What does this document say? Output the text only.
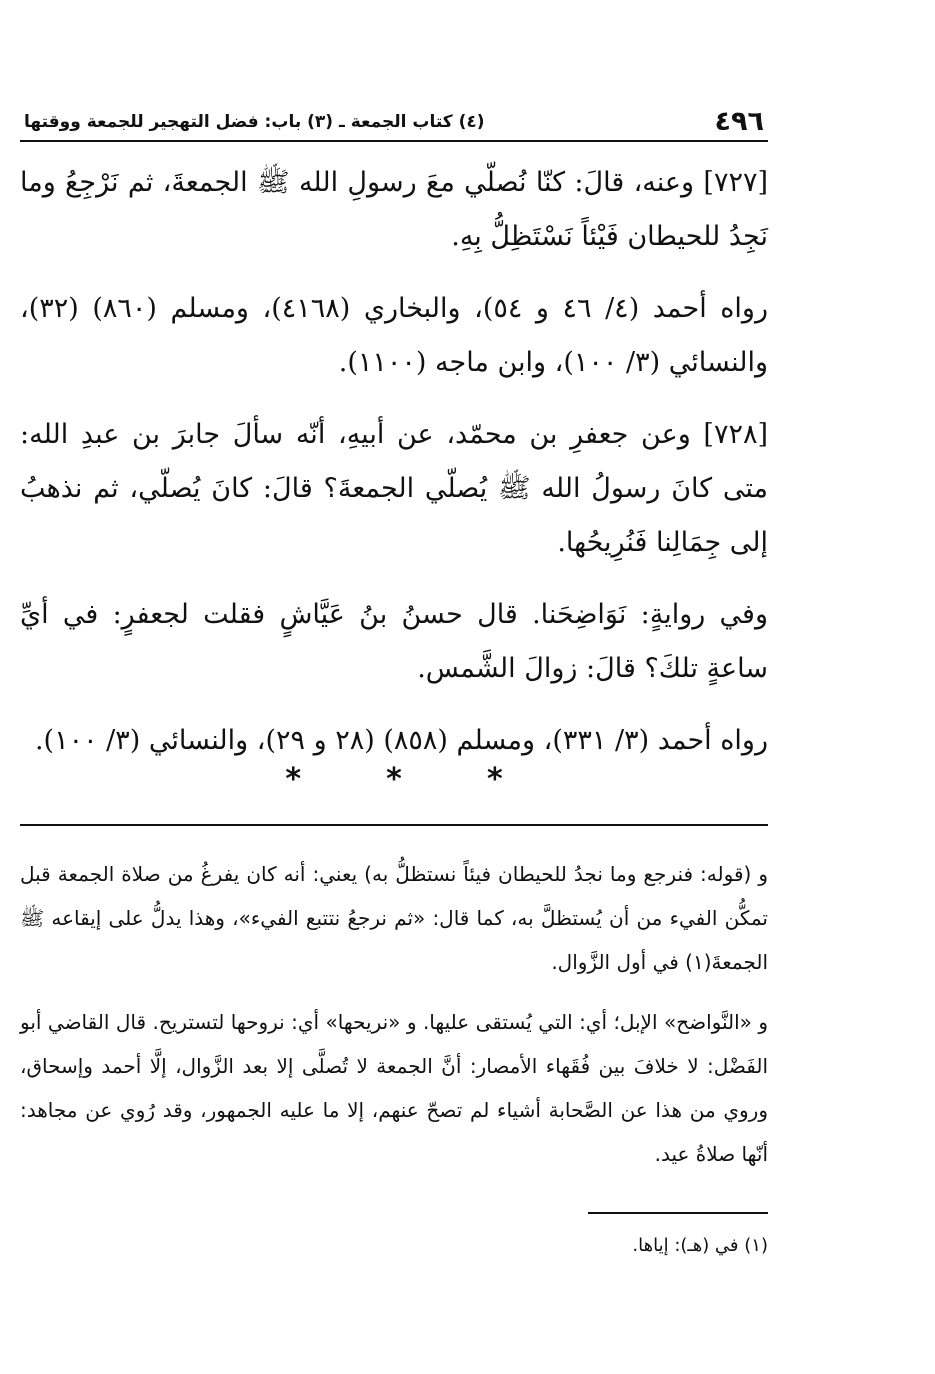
٤٩٦
(٤) كتاب الجمعة ـ (٣) باب: فضل التهجير للجمعة ووقتها

[٧٢٧] وعنه، قالَ: كنّا نُصلّي معَ رسولِ الله ﷺ الجمعةَ، ثم نَرْجِعُ وما نَجِدُ للحيطان فَيْئاً نَسْتَظِلُّ بِهِ.

رواه أحمد (٤/ ٤٦ و ٥٤)، والبخاري (٤١٦٨)، ومسلم (٨٦٠) (٣٢)، والنسائي (٣/ ١٠٠)، وابن ماجه (١١٠٠).

[٧٢٨] وعن جعفرِ بن محمّد، عن أبيهِ، أنّه سألَ جابرَ بن عبدِ الله: متى كانَ رسولُ الله ﷺ يُصلّي الجمعةَ؟ قالَ: كانَ يُصلّي، ثم نذهبُ إلى جِمَالِنا فَنُرِيحُها.

وفي روايةٍ: نَوَاضِحَنا. قال حسنُ بنُ عَيَّاشٍ فقلت لجعفرٍ: في أيِّ ساعةٍ تلكَ؟ قالَ: زوالَ الشَّمس.

رواه أحمد (٣/ ٣٣١)، ومسلم (٨٥٨) (٢٨ و ٢٩)، والنسائي (٣/ ١٠٠).

*	*	*

و (قوله: فنرجع وما نجدُ للحيطان فيئاً نستظلُّ به) يعني: أنه كان يفرغُ من صلاة الجمعة قبل تمكُّن الفيء من أن يُستظلَّ به، كما قال: «ثم نرجعُ نتتبع الفيء»، وهذا يدلُّ على إيقاعه ﷺ الجمعةَ(١) في أول الزَّوال.

و «النَّواضح» الإبل؛ أي: التي يُستقى عليها. و «نريحها» أي: نروحها لتستريح. قال القاضي أبو الفَضْل: لا خلافَ بين فُقَهاء الأمصار: أنَّ الجمعة لا تُصلَّى إلا بعد الزَّوال، إلَّا أحمد وإسحاق، وروي من هذا عن الصَّحابة أشياء لم تصحّ عنهم، إلا ما عليه الجمهور، وقد رُوي عن مجاهد: أنّها صلاةُ عيد.

(١) في (هـ): إياها.
